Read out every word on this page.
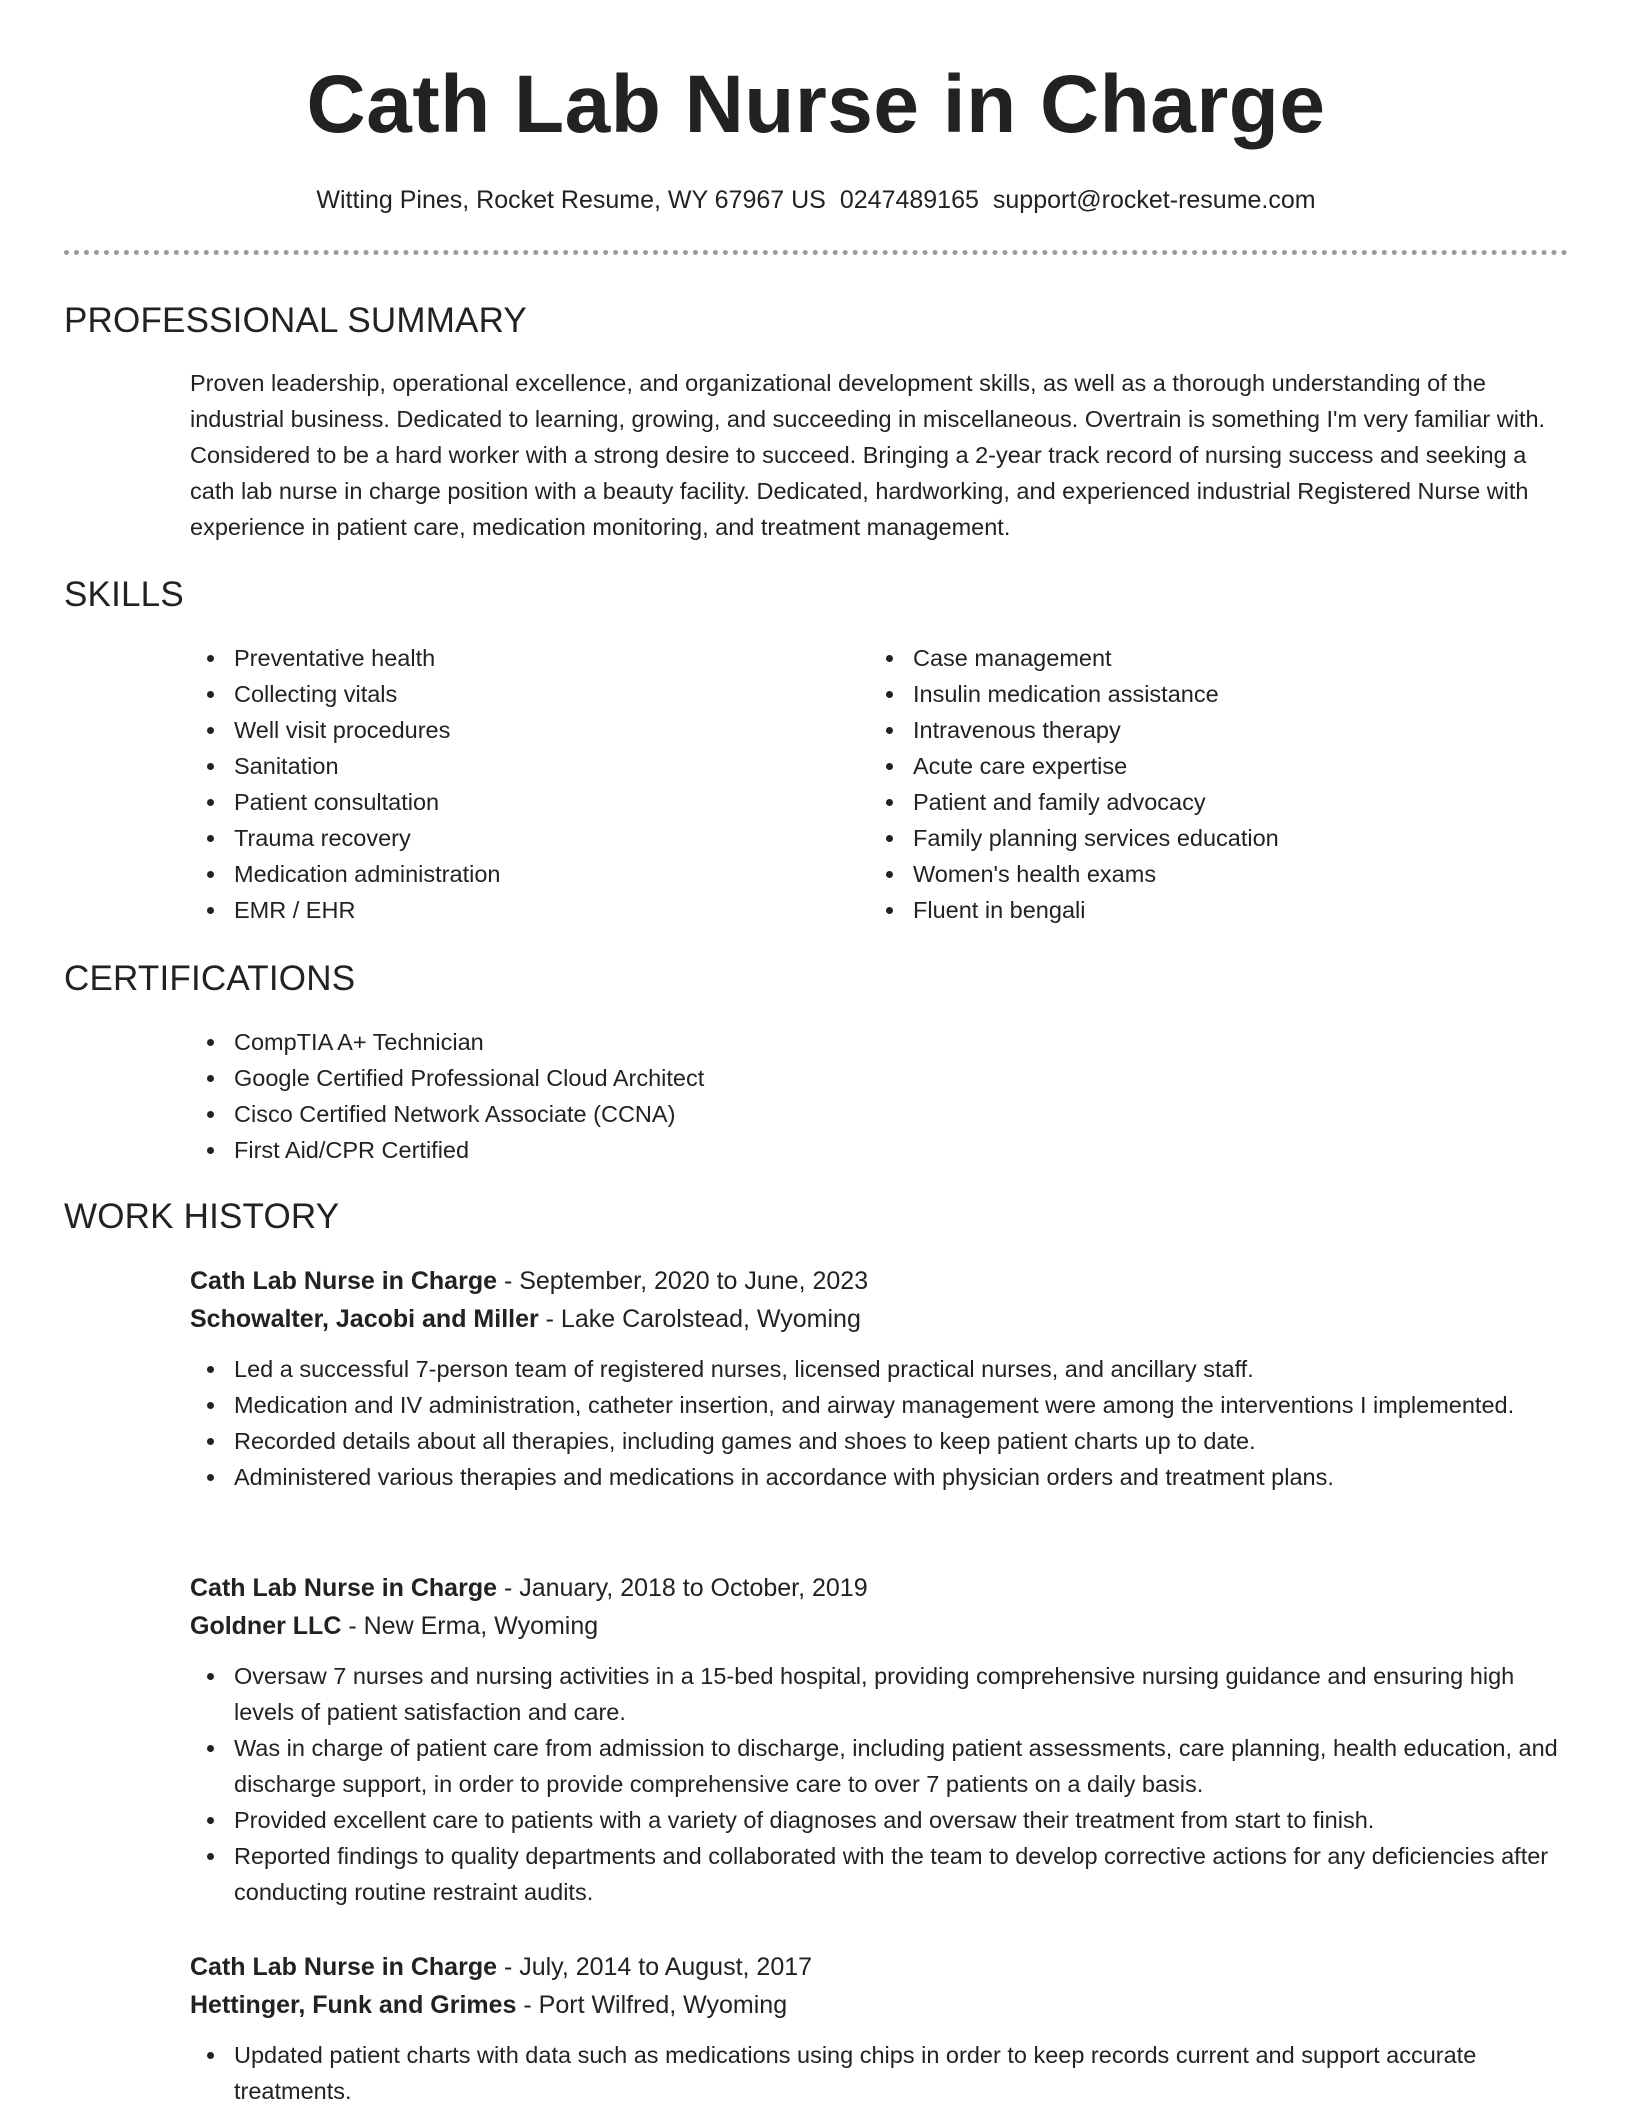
Cath Lab Nurse in Charge
Witting Pines, Rocket Resume, WY 67967 US 0247489165 support@rocket-resume.com
PROFESSIONAL SUMMARY

Proven leadership, operational excellence, and organizational development skills, as well as a thorough understanding of the industrial business. Dedicated to learning, growing, and succeeding in miscellaneous. Overtrain is something I'm very familiar with. Considered to be a hard worker with a strong desire to succeed. Bringing a 2-year track record of nursing success and seeking a cath lab nurse in charge position with a beauty facility. Dedicated, hardworking, and experienced industrial Registered Nurse with experience in patient care, medication monitoring, and treatment management.

SKILLS
Preventative health
Collecting vitals
Well visit procedures
Sanitation
Patient consultation
Trauma recovery
Medication administration
EMR / EHR
Case management
Insulin medication assistance
Intravenous therapy
Acute care expertise
Patient and family advocacy
Family planning services education
Women's health exams
Fluent in bengali
CERTIFICATIONS
CompTIA A+ Technician
Google Certified Professional Cloud Architect
Cisco Certified Network Associate (CCNA)
First Aid/CPR Certified
WORK HISTORY

Cath Lab Nurse in Charge - September, 2020 to June, 2023

Schowalter, Jacobi and Miller - Lake Carolstead, Wyoming

Led a successful 7-person team of registered nurses, licensed practical nurses, and ancillary staff.
Medication and IV administration, catheter insertion, and airway management were among the interventions I implemented.
Recorded details about all therapies, including games and shoes to keep patient charts up to date.
Administered various therapies and medications in accordance with physician orders and treatment plans.

Cath Lab Nurse in Charge - January, 2018 to October, 2019

Goldner LLC - New Erma, Wyoming

Oversaw 7 nurses and nursing activities in a 15-bed hospital, providing comprehensive nursing guidance and ensuring high levels of patient satisfaction and care.
Was in charge of patient care from admission to discharge, including patient assessments, care planning, health education, and discharge support, in order to provide comprehensive care to over 7 patients on a daily basis.
Provided excellent care to patients with a variety of diagnoses and oversaw their treatment from start to finish.
Reported findings to quality departments and collaborated with the team to develop corrective actions for any deficiencies after conducting routine restraint audits.

Cath Lab Nurse in Charge - July, 2014 to August, 2017

Hettinger, Funk and Grimes - Port Wilfred, Wyoming

Updated patient charts with data such as medications using chips in order to keep records current and support accurate treatments.
